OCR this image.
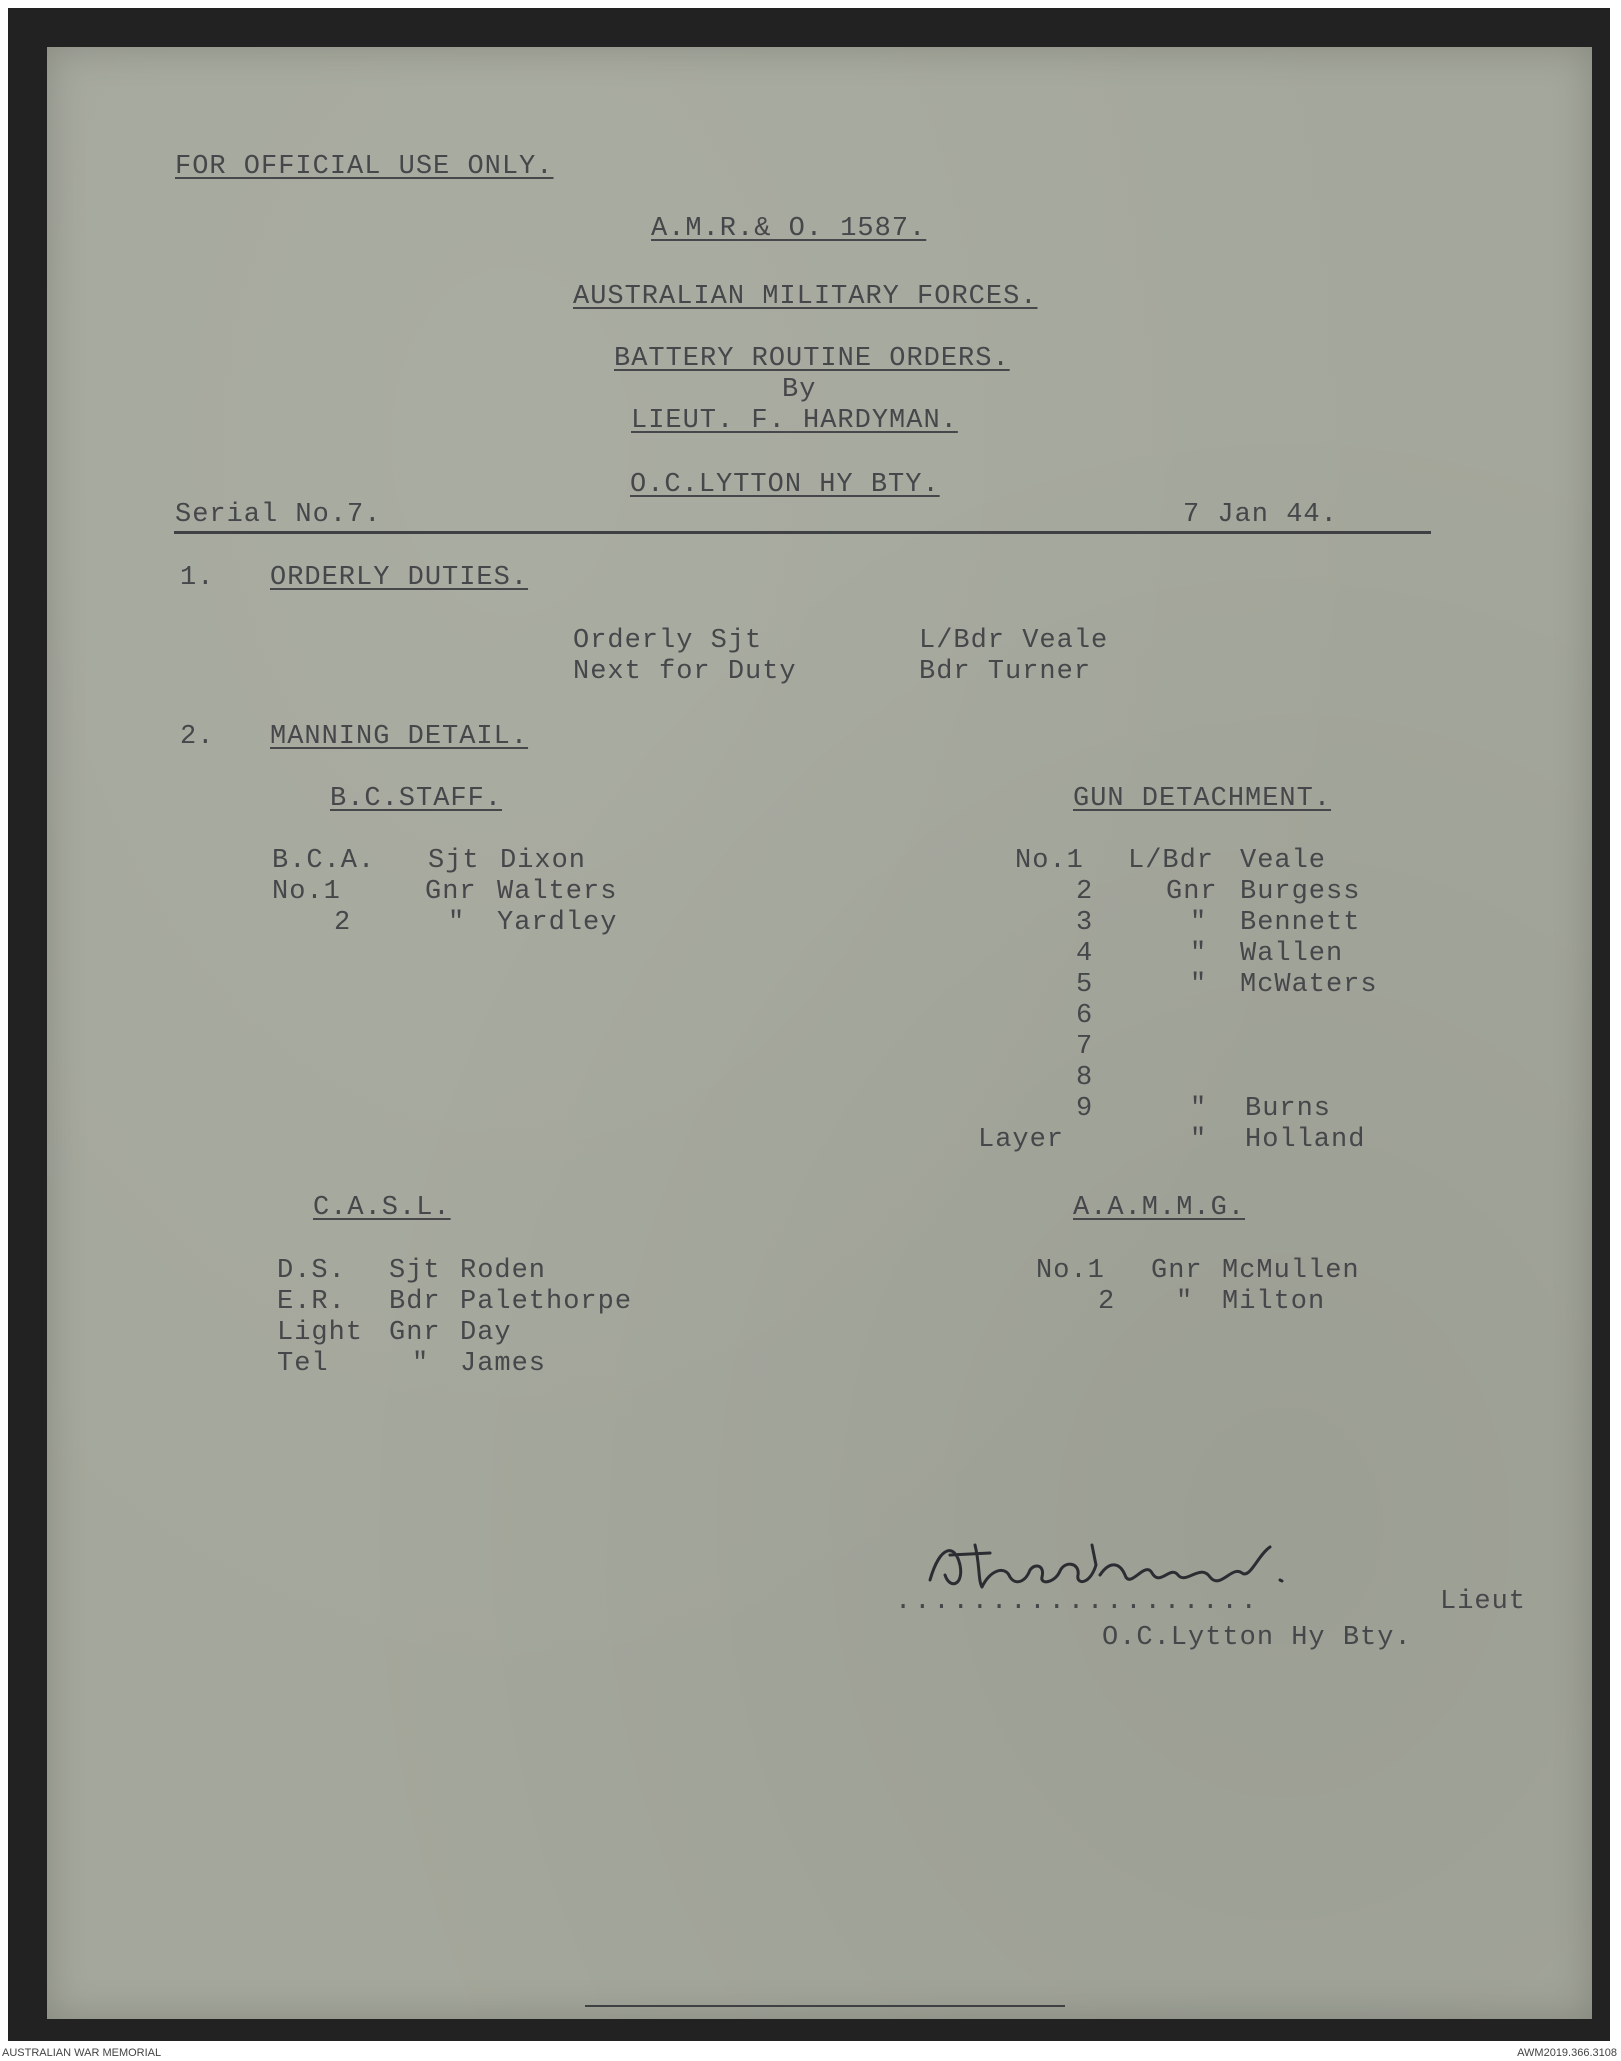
FOR OFFICIAL USE ONLY.
A.M.R.& O. 1587.
AUSTRALIAN MILITARY FORCES.
BATTERY ROUTINE ORDERS.
By
LIEUT. F. HARDYMAN.
O.C.LYTTON HY BTY.
Serial No.7.	7 Jan 44.
1. ORDERLY DUTIES.
Orderly Sjt	L/Bdr Veale
Next for Duty	Bdr Turner
2. MANNING DETAIL.
B.C.STAFF.
B.C.A. Sjt Dixon
No.1	Gnr Walters
2	" Yardley
GUN DETACHMENT.
No.1 L/Bdr Veale
2	Gnr Burgess
3	" Bennett
4	" Wallen
5	" McWaters
6
7
8
9	" Burns
Layer	" Holland
C.A.S.L.
D.S. Sjt Roden
E.R. Bdr Palethorpe
Light Gnr Day
Tel	" James
A.A.M.M.G.
No.1 Gnr McMullen
2 " Milton
...................	Lieut
O.C.Lytton Hy Bty.
AUSTRALIAN WAR MEMORIAL	AWM2019.366.3108
